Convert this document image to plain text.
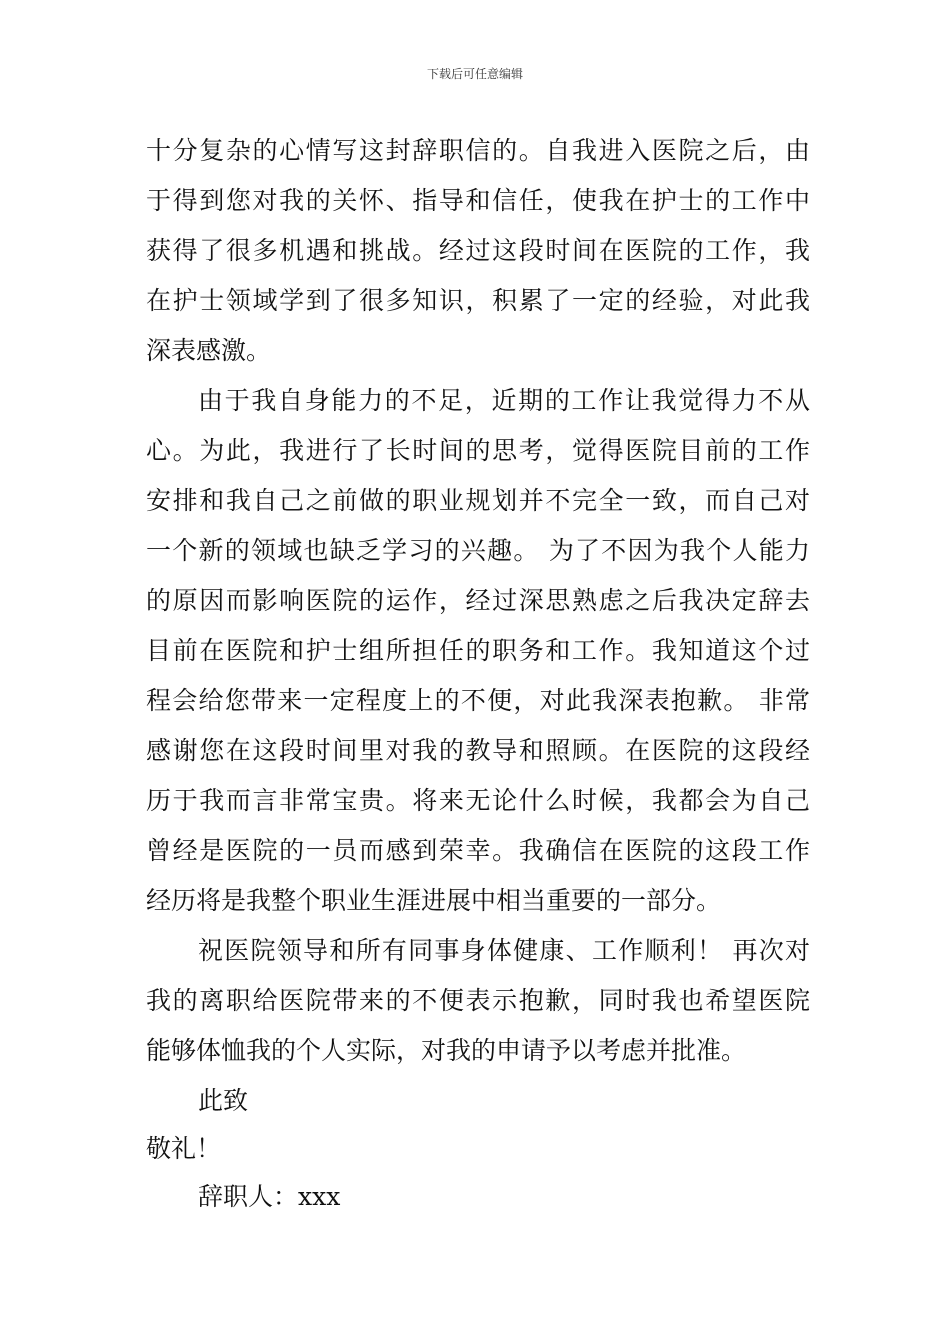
下载后可任意编辑
十分复杂的心情写这封辞职信的。自我进入医院之后，由
于得到您对我的关怀、指导和信任，使我在护士的工作中
获得了很多机遇和挑战。经过这段时间在医院的工作，我
在护士领域学到了很多知识，积累了一定的经验，对此我
深表感激。
由于我自身能力的不足，近期的工作让我觉得力不从
心。为此，我进行了长时间的思考，觉得医院目前的工作
安排和我自己之前做的职业规划并不完全一致，而自己对
一个新的领域也缺乏学习的兴趣。 为了不因为我个人能力
的原因而影响医院的运作，经过深思熟虑之后我决定辞去
目前在医院和护士组所担任的职务和工作。我知道这个过
程会给您带来一定程度上的不便，对此我深表抱歉。 非常
感谢您在这段时间里对我的教导和照顾。在医院的这段经
历于我而言非常宝贵。将来无论什么时候，我都会为自己
曾经是医院的一员而感到荣幸。我确信在医院的这段工作
经历将是我整个职业生涯进展中相当重要的一部分。
祝医院领导和所有同事身体健康、工作顺利！ 再次对
我的离职给医院带来的不便表示抱歉，同时我也希望医院
能够体恤我的个人实际，对我的申请予以考虑并批准。
此致
敬礼！
辞职人：xxx
